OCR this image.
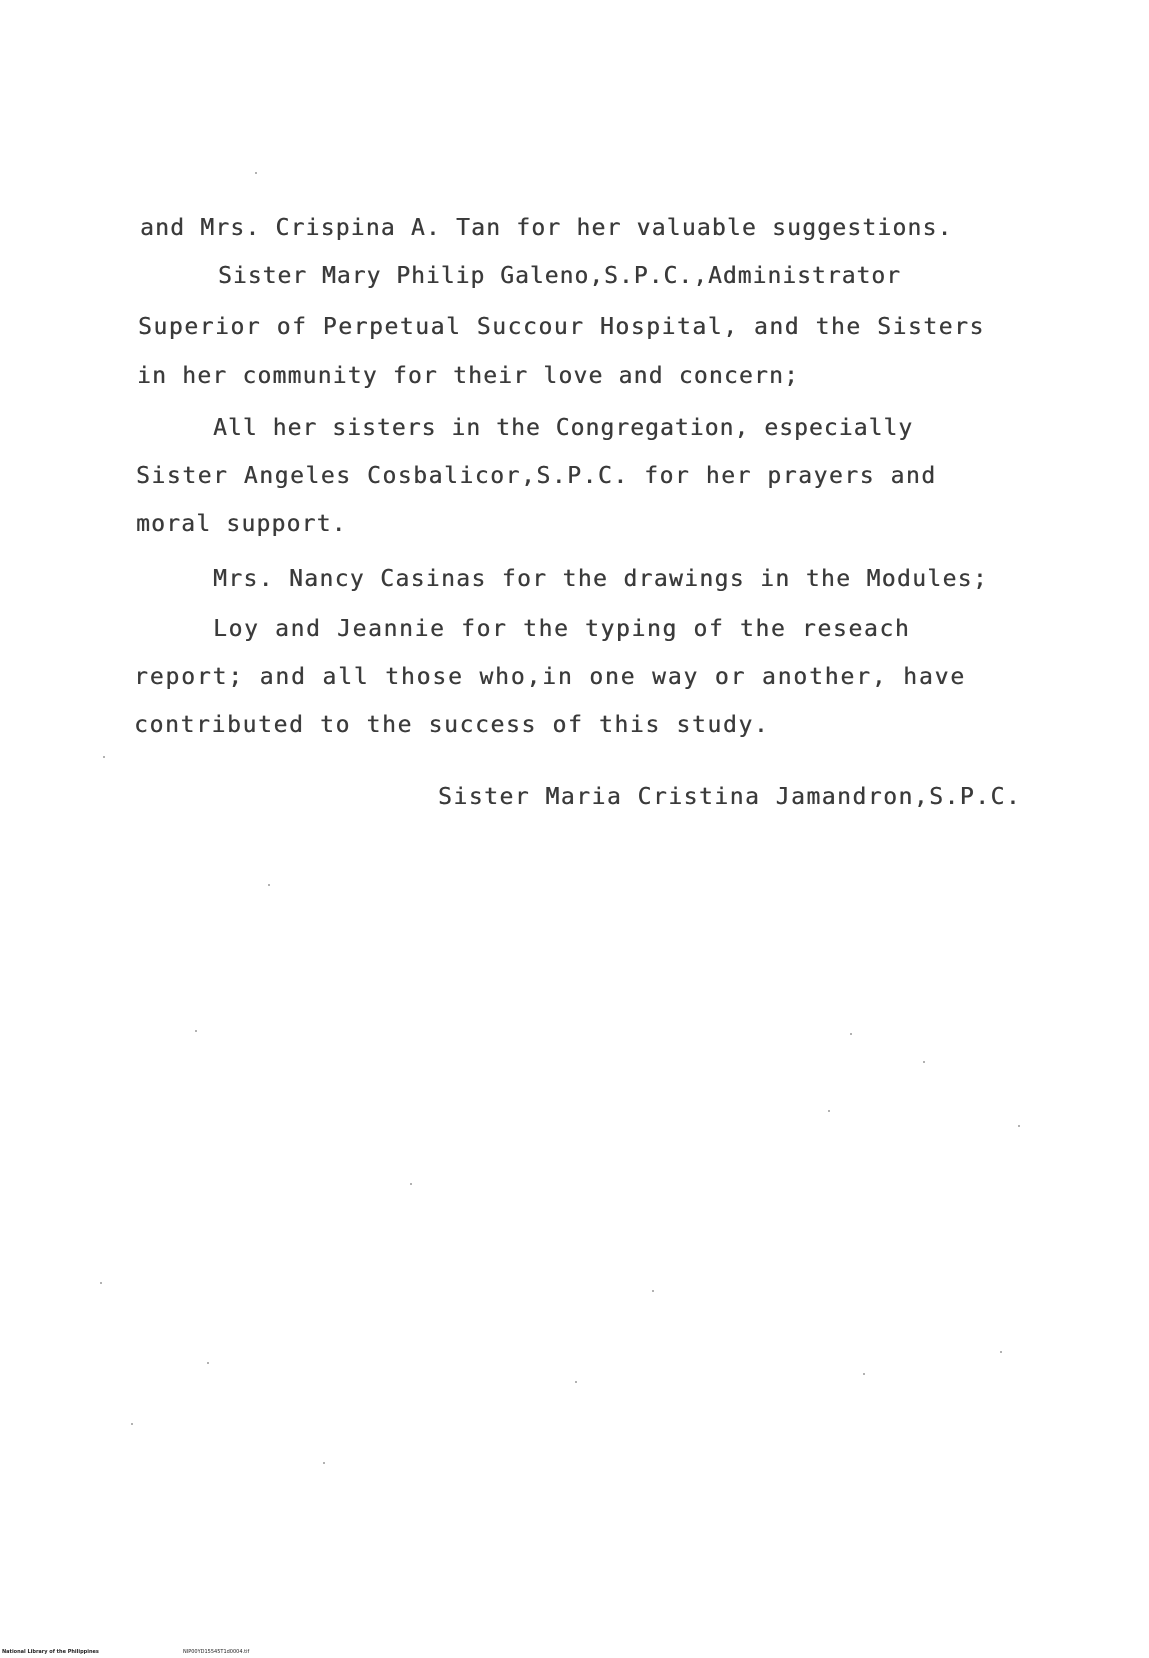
and Mrs. Crispina A. Tan for her valuable suggestions.
Sister Mary Philip Galeno,S.P.C.,Administrator
Superior of Perpetual Succour Hospital, and the Sisters
in her community for their love and concern;
All her sisters in the Congregation, especially
Sister Angeles Cosbalicor,S.P.C. for her prayers and
moral support.
Mrs. Nancy Casinas for the drawings in the Modules;
Loy and Jeannie for the typing of the reseach
report; and all those who,in one way or another, have
contributed to the success of this study.
Sister Maria Cristina Jamandron,S.P.C.
National Library of the Philippines	NIP00YD15545T1d0004.tif
